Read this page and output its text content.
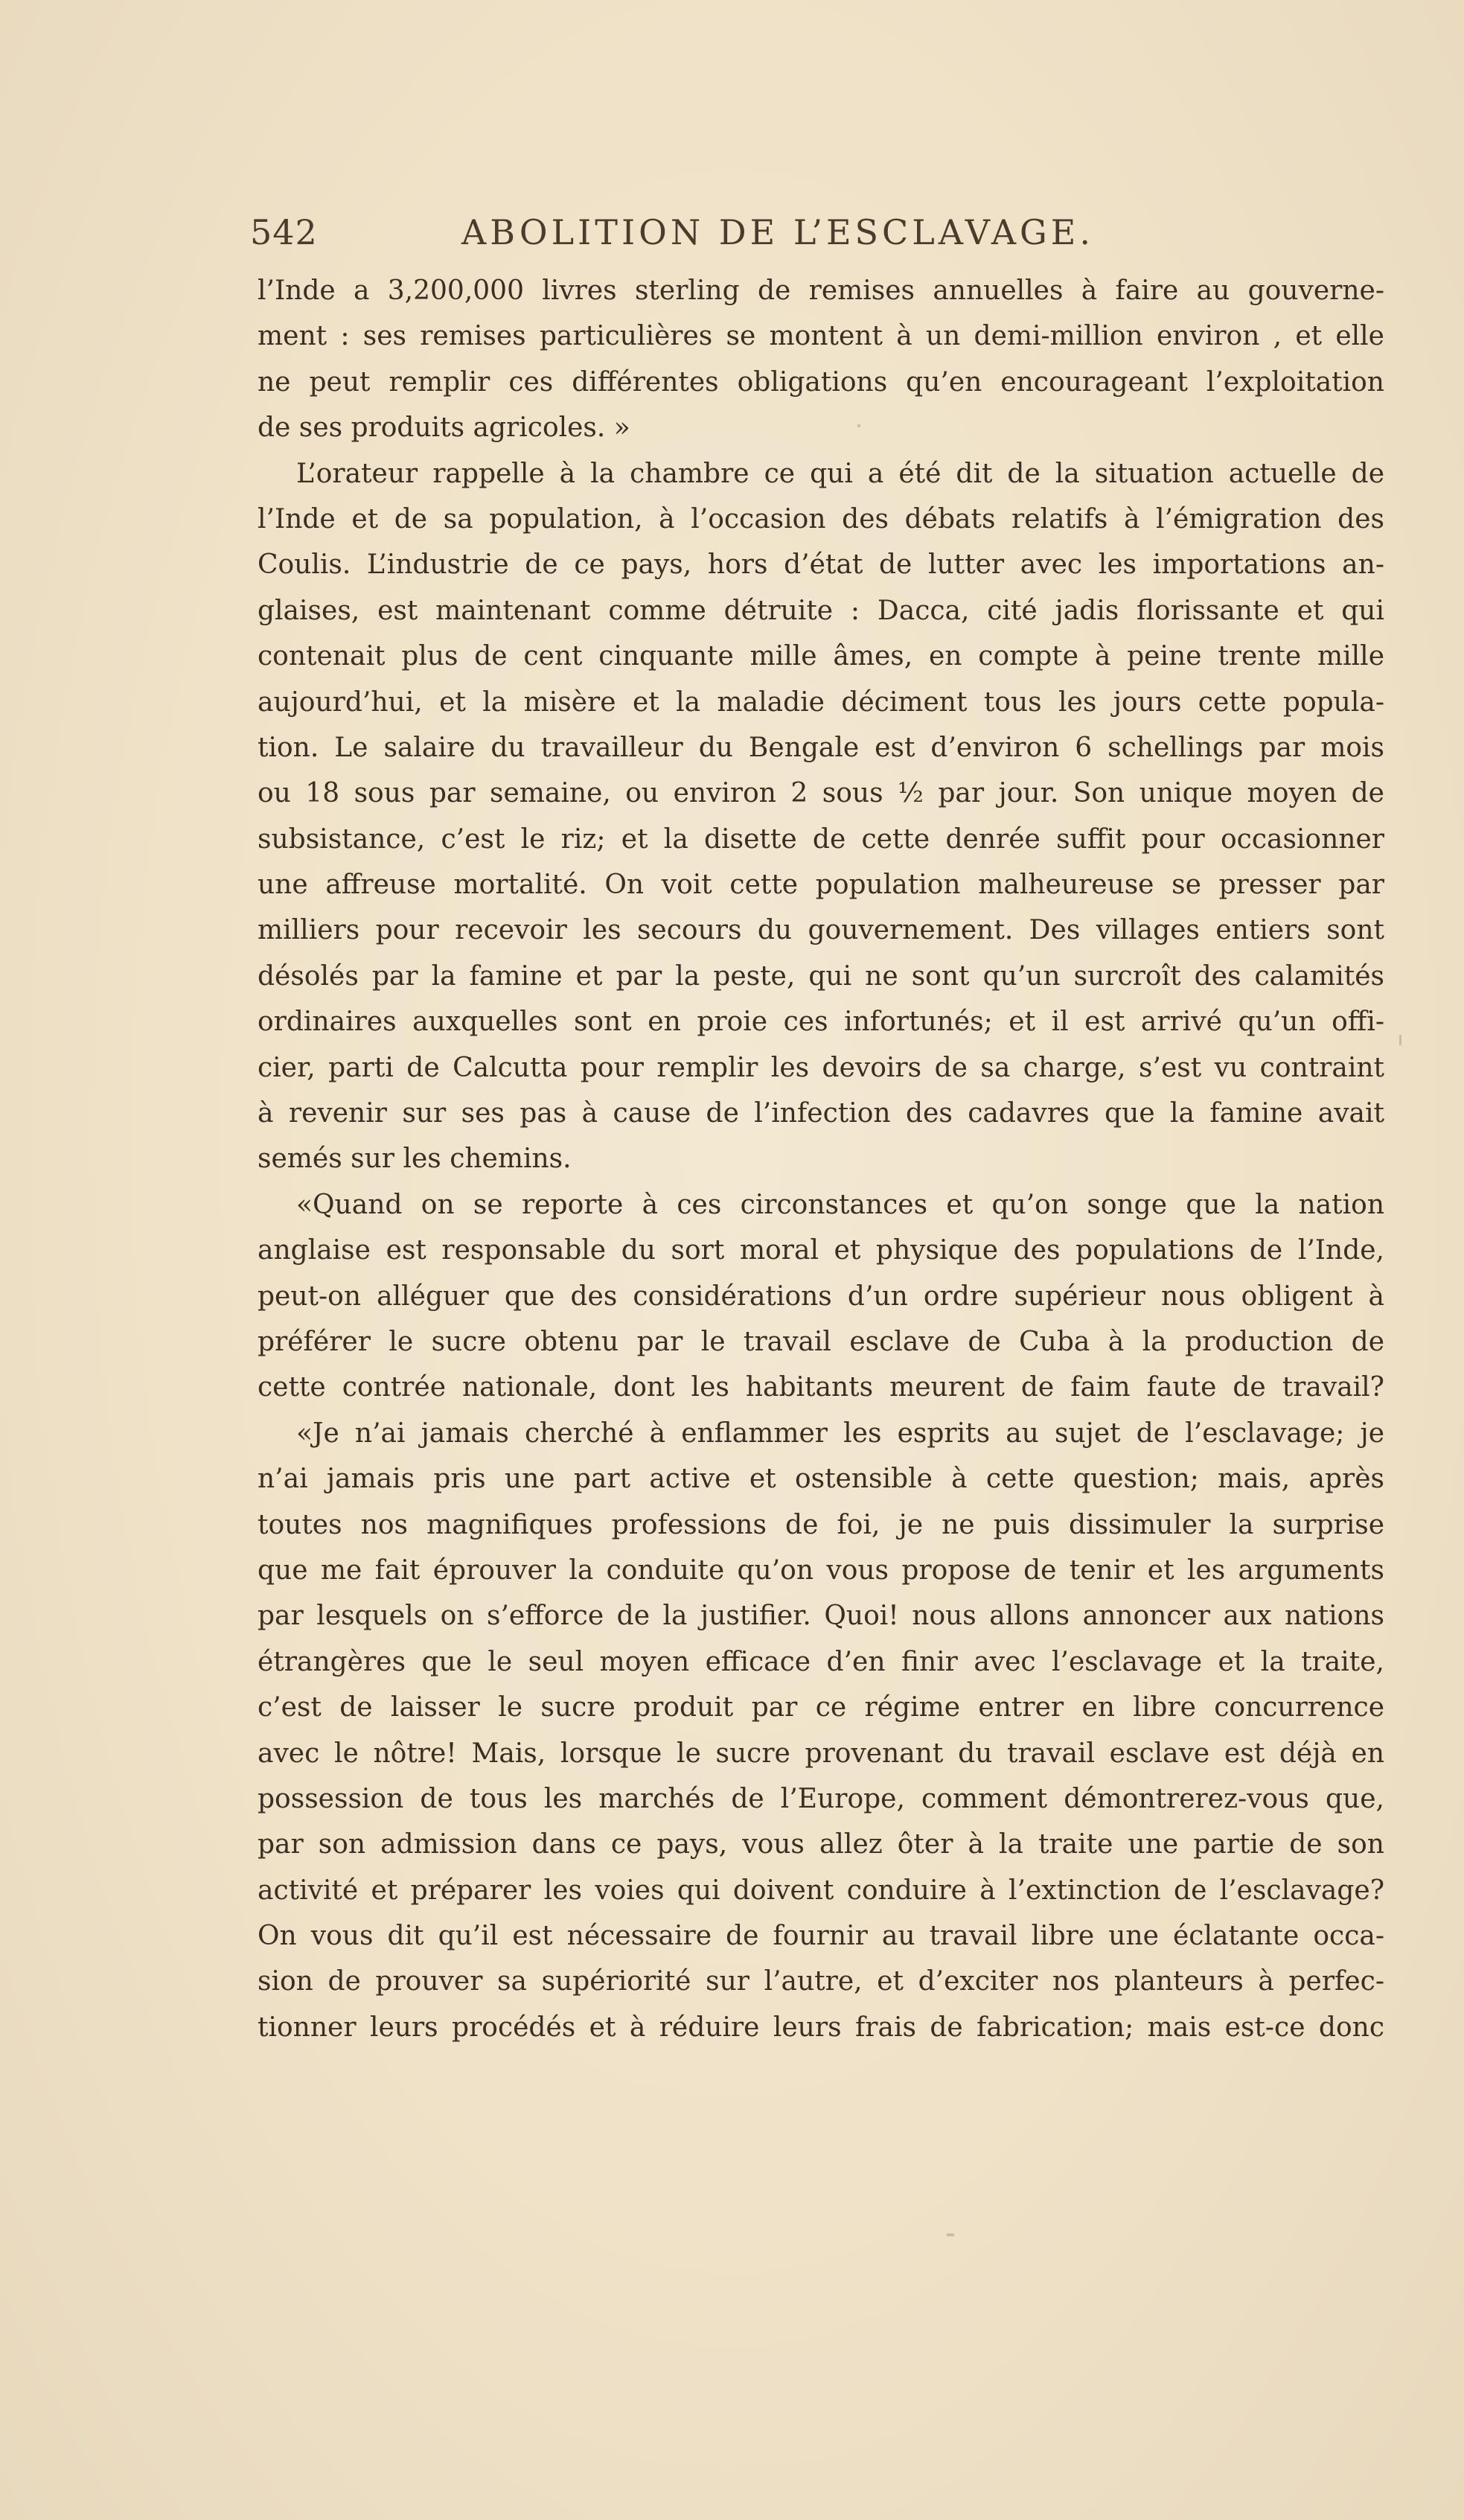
542	ABOLITION DE L’ESCLAVAGE.
l’Inde a 3,200,000 livres sterling de remises annuelles à faire au gouverne-
ment : ses remises particulières se montent à un demi-million environ , et elle
ne peut remplir ces différentes obligations qu’en encourageant l’exploitation
de ses produits agricoles. »
L’orateur rappelle à la chambre ce qui a été dit de la situation actuelle de
l’Inde et de sa population, à l’occasion des débats relatifs à l’émigration des
Coulis. L’industrie de ce pays, hors d’état de lutter avec les importations an-
glaises, est maintenant comme détruite : Dacca, cité jadis florissante et qui
contenait plus de cent cinquante mille âmes, en compte à peine trente mille
aujourd’hui, et la misère et la maladie déciment tous les jours cette popula-
tion. Le salaire du travailleur du Bengale est d’environ 6 schellings par mois
ou 18 sous par semaine, ou environ 2 sous ½ par jour. Son unique moyen de
subsistance, c’est le riz; et la disette de cette denrée suffit pour occasionner
une affreuse mortalité. On voit cette population malheureuse se presser par
milliers pour recevoir les secours du gouvernement. Des villages entiers sont
désolés par la famine et par la peste, qui ne sont qu’un surcroît des calamités
ordinaires auxquelles sont en proie ces infortunés; et il est arrivé qu’un offi-
cier, parti de Calcutta pour remplir les devoirs de sa charge, s’est vu contraint
à revenir sur ses pas à cause de l’infection des cadavres que la famine avait
semés sur les chemins.
«Quand on se reporte à ces circonstances et qu’on songe que la nation
anglaise est responsable du sort moral et physique des populations de l’Inde,
peut-on alléguer que des considérations d’un ordre supérieur nous obligent à
préférer le sucre obtenu par le travail esclave de Cuba à la production de
cette contrée nationale, dont les habitants meurent de faim faute de travail?
«Je n’ai jamais cherché à enflammer les esprits au sujet de l’esclavage; je
n’ai jamais pris une part active et ostensible à cette question; mais, après
toutes nos magnifiques professions de foi, je ne puis dissimuler la surprise
que me fait éprouver la conduite qu’on vous propose de tenir et les arguments
par lesquels on s’efforce de la justifier. Quoi! nous allons annoncer aux nations
étrangères que le seul moyen efficace d’en finir avec l’esclavage et la traite,
c’est de laisser le sucre produit par ce régime entrer en libre concurrence
avec le nôtre! Mais, lorsque le sucre provenant du travail esclave est déjà en
possession de tous les marchés de l’Europe, comment démontrerez-vous que,
par son admission dans ce pays, vous allez ôter à la traite une partie de son
activité et préparer les voies qui doivent conduire à l’extinction de l’esclavage?
On vous dit qu’il est nécessaire de fournir au travail libre une éclatante occa-
sion de prouver sa supériorité sur l’autre, et d’exciter nos planteurs à perfec-
tionner leurs procédés et à réduire leurs frais de fabrication; mais est-ce donc
